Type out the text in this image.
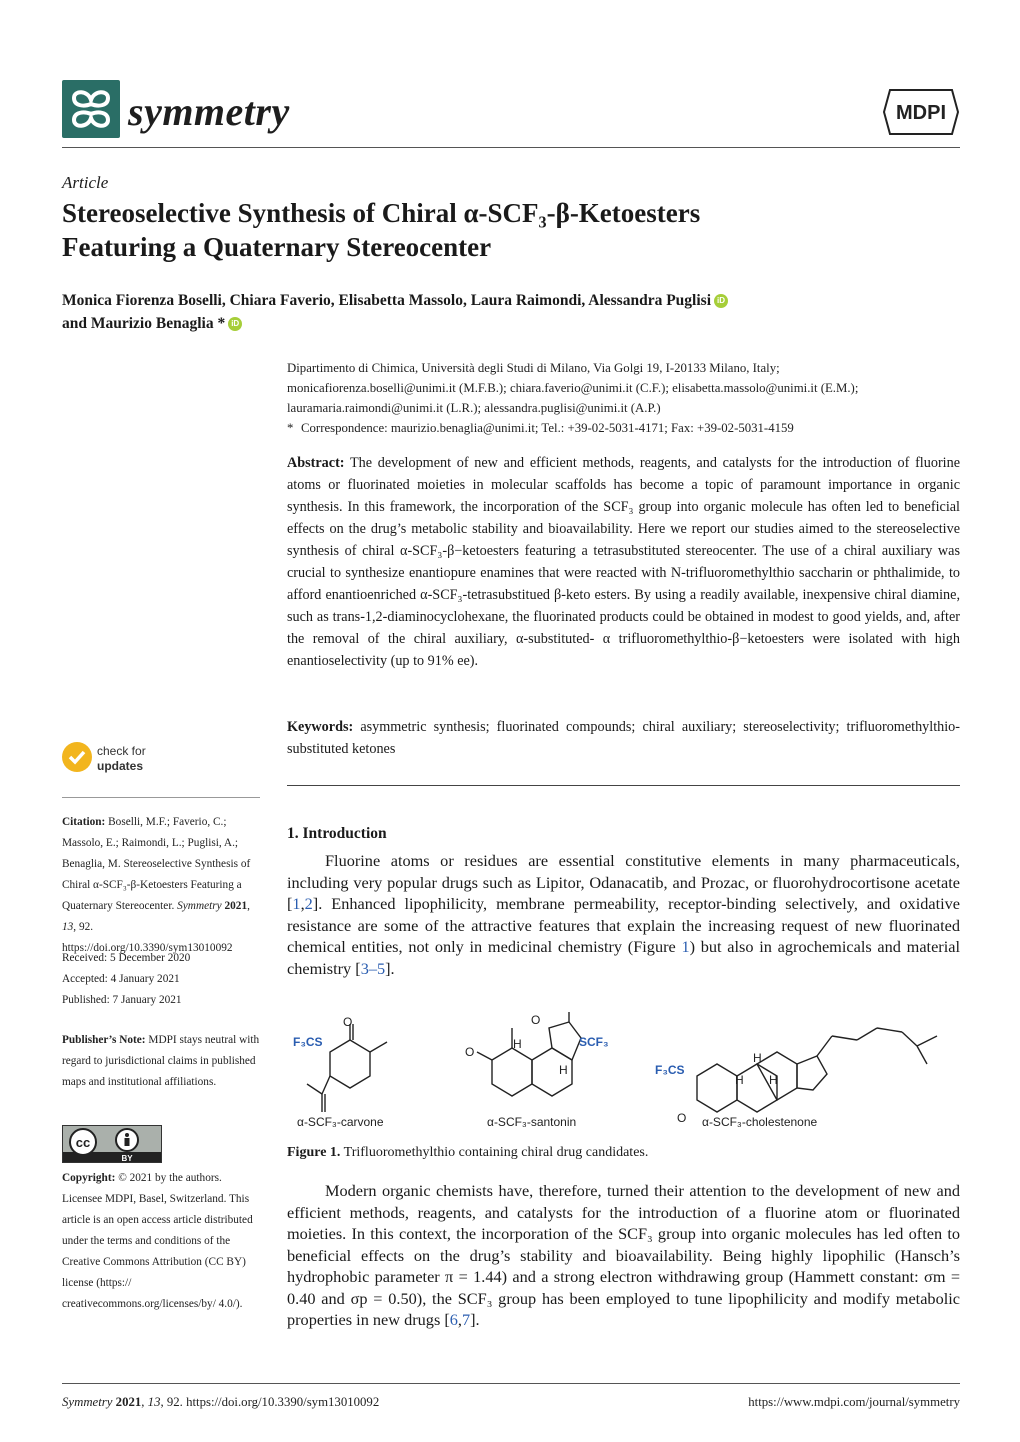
symmetry	MDPI
Article
Stereoselective Synthesis of Chiral α-SCF₃-β-Ketoesters
Featuring a Quaternary Stereocenter
Monica Fiorenza Boselli, Chiara Faverio, Elisabetta Massolo, Laura Raimondi, Alessandra Puglisi iD
and Maurizio Benaglia * iD
Dipartimento di Chimica, Università degli Studi di Milano, Via Golgi 19, I-20133 Milano, Italy;
monicafiorenza.boselli@unimi.it (M.F.B.); chiara.faverio@unimi.it (C.F.); elisabetta.massolo@unimi.it (E.M.);
lauramaria.raimondi@unimi.it (L.R.); alessandra.puglisi@unimi.it (A.P.)
* Correspondence: maurizio.benaglia@unimi.it; Tel.: +39-02-5031-4171; Fax: +39-02-5031-4159
Abstract: The development of new and efficient methods, reagents, and catalysts for the introduction of fluorine atoms or fluorinated moieties in molecular scaffolds has become a topic of paramount importance in organic synthesis. In this framework, the incorporation of the SCF₃ group into organic molecule has often led to beneficial effects on the drug’s metabolic stability and bioavailability. Here we report our studies aimed to the stereoselective synthesis of chiral α-SCF₃-β−ketoesters featuring a tetrasubstituted stereocenter. The use of a chiral auxiliary was crucial to synthesize enantiopure enamines that were reacted with N-trifluoromethylthio saccharin or phthalimide, to afford enantioenriched α-SCF₃-tetrasubstitued β-keto esters. By using a readily available, inexpensive chiral diamine, such as trans-1,2-diaminocyclohexane, the fluorinated products could be obtained in modest to good yields, and, after the removal of the chiral auxiliary, α-substituted- α trifluoromethylthio-β−ketoesters were isolated with high enantioselectivity (up to 91% ee).
Keywords: asymmetric synthesis; fluorinated compounds; chiral auxiliary; stereoselectivity; trifluoromethylthio-substituted ketones
check for
updates
Citation: Boselli, M.F.; Faverio, C.; Massolo, E.; Raimondi, L.; Puglisi, A.; Benaglia, M. Stereoselective Synthesis of Chiral α-SCF₃-β-Ketoesters Featuring a Quaternary Stereocenter. Symmetry 2021, 13, 92. https://doi.org/10.3390/sym13010092
Received: 5 December 2020
Accepted: 4 January 2021
Published: 7 January 2021
Publisher’s Note: MDPI stays neutral with regard to jurisdictional claims in published maps and institutional affiliations.
cc
BY
Copyright: © 2021 by the authors. Licensee MDPI, Basel, Switzerland. This article is an open access article distributed under the terms and conditions of the Creative Commons Attribution (CC BY) license (https:// creativecommons.org/licenses/by/ 4.0/).
1. Introduction
Fluorine atoms or residues are essential constitutive elements in many pharmaceuticals, including very popular drugs such as Lipitor, Odanacatib, and Prozac, or fluorohydrocortisone acetate [1,2]. Enhanced lipophilicity, membrane permeability, receptor-binding selectively, and oxidative resistance are some of the attractive features that explain the increasing request of new fluorinated chemical entities, not only in medicinal chemistry (Figure 1) but also in agrochemicals and material chemistry [3–5].
O
F₃CS
α-SCF₃-carvone
O
O
H
H
SCF₃
α-SCF₃-santonin
F₃CS
O
H
H H
α-SCF₃-cholestenone
Figure 1. Trifluoromethylthio containing chiral drug candidates.
Modern organic chemists have, therefore, turned their attention to the development of new and efficient methods, reagents, and catalysts for the introduction of a fluorine atom or fluorinated moieties. In this context, the incorporation of the SCF₃ group into organic molecules has led often to beneficial effects on the drug’s stability and bioavailability. Being highly lipophilic (Hansch’s hydrophobic parameter π = 1.44) and a strong electron withdrawing group (Hammett constant: σm = 0.40 and σp = 0.50), the SCF₃ group has been employed to tune lipophilicity and modify metabolic properties in new drugs [6,7].
Symmetry 2021, 13, 92. https://doi.org/10.3390/sym13010092	https://www.mdpi.com/journal/symmetry
